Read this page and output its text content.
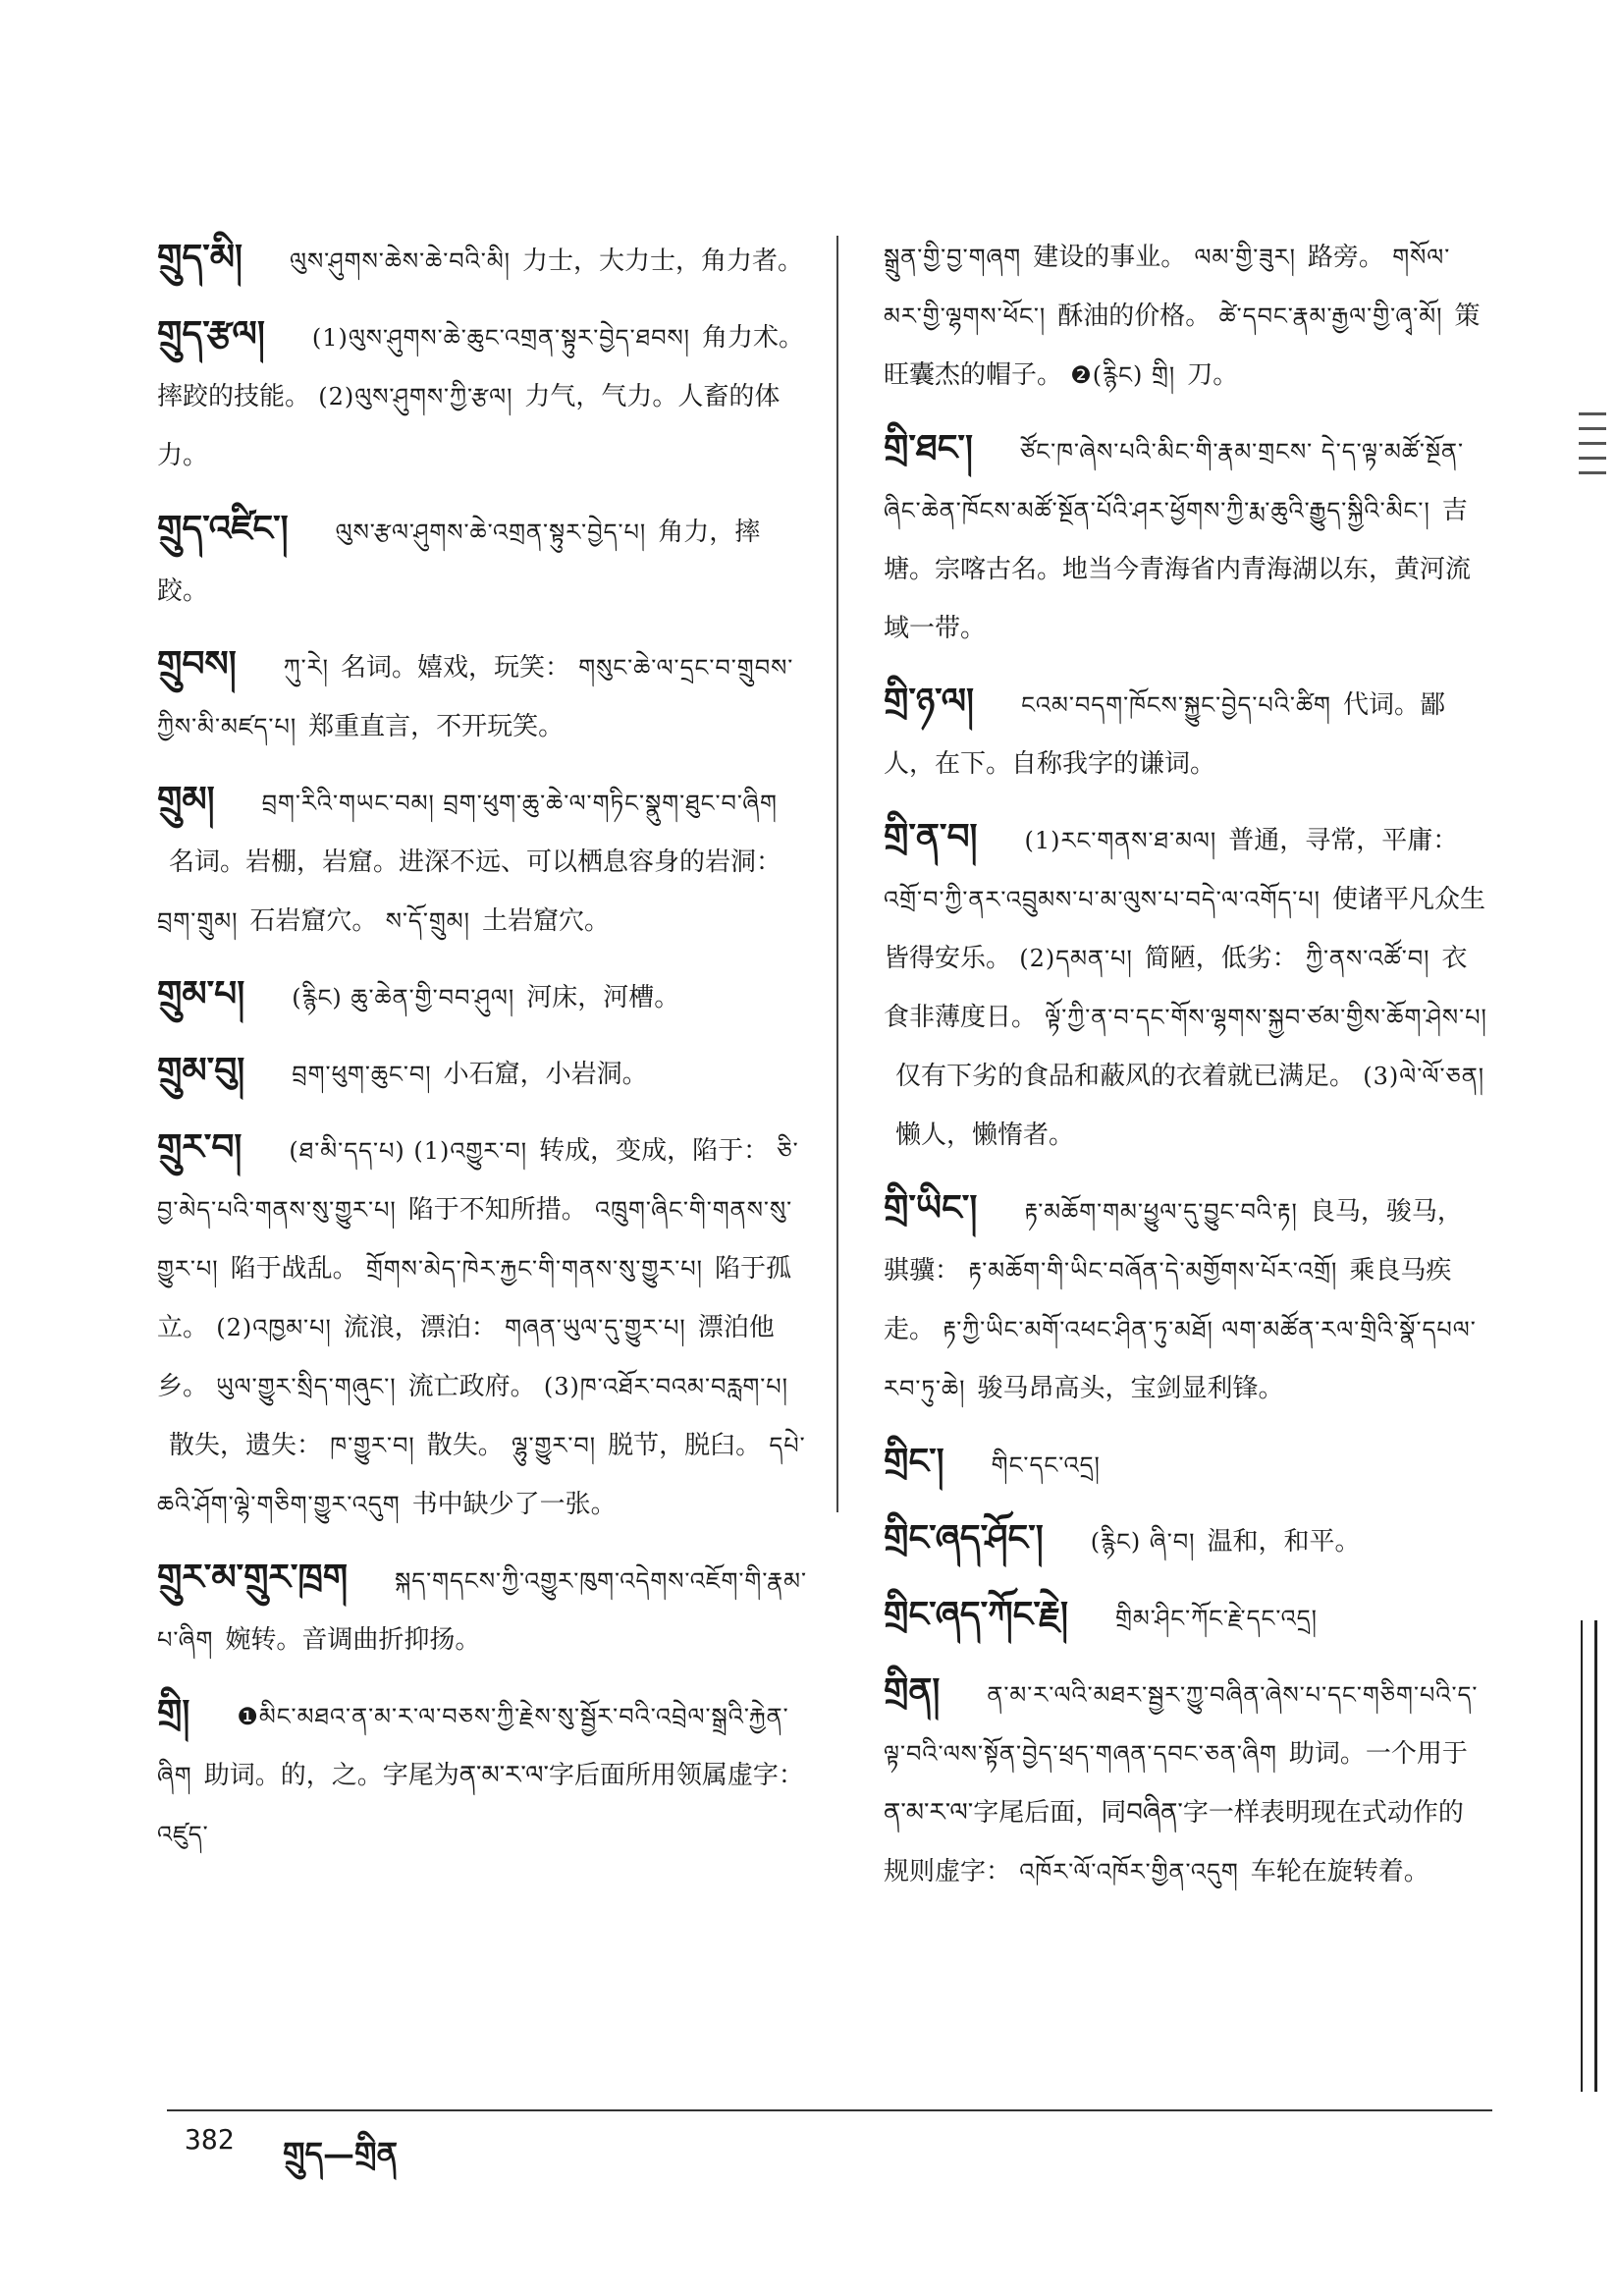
གྲུད་མི། ལུས་ཤུགས་ཆེས་ཆེ་བའི་མི། 力士，大力士，角力者。
གྲུད་རྩལ། (1)ལུས་ཤུགས་ཆེ་ཆུང་འགྲན་སྟུར་བྱེད་ཐབས། 角力术。摔跤的技能。 (2)ལུས་ཤུགས་ཀྱི་རྩལ། 力气，气力。人畜的体力。
གྲུད་འཛིང་། ལུས་རྩལ་ཤུགས་ཆེ་འགྲན་སྟུར་བྱེད་པ། 角力，摔跤。
གྲུབས། ཀུ་རེ། 名词。嬉戏，玩笑： གསུང་ཆེ་ལ་དྲང་བ་གྲུབས་ཀྱིས་མི་མཛད་པ། 郑重直言，不开玩笑。
གྲུམ། བྲག་རིའི་གཡང་བམ། བྲག་ཕུག་ཆུ་ཆེ་ལ་གཏིང་སྣུག་ཐུང་བ་ཞིག名词。岩棚，岩窟。进深不远、可以栖息容身的岩洞： བྲག་གྲུམ། 石岩窟穴。 ས་དོ་གྲུམ། 土岩窟穴。
གྲུམ་པ། (རྙིང) ཆུ་ཆེན་གྱི་བབ་ཤུལ། 河床，河槽。
གྲུམ་བུ། བྲག་ཕུག་ཆུང་བ། 小石窟，小岩洞。
གྲུར་བ། (ཐ་མི་དད་པ) (1)འགྱུར་བ། 转成，变成，陷于： ཅི་བྱ་མེད་པའི་གནས་སུ་གྱུར་པ། 陷于不知所措。 འཁྲུག་ཞིང་གི་གནས་སུ་གྱུར་པ། 陷于战乱。 གྲོགས་མེད་ཁེར་རྐྱང་གི་གནས་སུ་གྱུར་པ། 陷于孤立。 (2)འཁྱམ་པ། 流浪，漂泊： གཞན་ཡུལ་དུ་གྱུར་པ། 漂泊他乡。 ཡུལ་གྱུར་སྲིད་གཞུང་། 流亡政府。 (3)ཁ་འཐོར་བའམ་བརླག་པ།散失，遗失： ཁ་གྱུར་བ། 散失。 ལྷུ་གྱུར་བ། 脱节，脱臼。 དཔེ་ཆའི་ཤོག་ལྷེ་གཅིག་གྱུར་འདུག 书中缺少了一张。
གྲུར་མ་གྲུར་ཁྲག སྐད་གདངས་ཀྱི་འགྱུར་ཁུག་འདེགས་འཇོག་གི་རྣམ་པ་ཞིག 婉转。音调曲折抑扬。
གྲི། ❶མིང་མཐའ་ན་མ་ར་ལ་བཅས་ཀྱི་རྗེས་སུ་སྦྱོར་བའི་འབྲེལ་སྒྲའི་རྐྱེན་ཞིག 助词。的，之。字尾为ན་མ་ར་ལ་字后面所用领属虚字：འཛུད་
སྒྲུན་གྱི་བྱ་གཞག 建设的事业。 ལམ་གྱི་ཟུར། 路旁。 གསོལ་མར་གྱི་ལྷགས་ཕོང་། 酥油的价格。 ཚེ་དབང་རྣམ་རྒྱལ་གྱི་ཞྭ་མོ། 策旺囊杰的帽子。 ❷(རྙིང) གྲི། 刀。
གྲི་ཐང་། ཙོང་ཁ་ཞེས་པའི་མིང་གི་རྣམ་གྲངས་ དེ་ད་ལྟ་མཚོ་སྔོན་ཞིང་ཆེན་ཁོངས་མཚོ་སྔོན་པོའི་ཤར་ཕྱོགས་ཀྱི་རྨ་ཆུའི་རྒྱུད་སྐྱིའི་མིང་། 吉塘。宗喀古名。地当今青海省内青海湖以东，黄河流域一带。
གྲི་ཉ་ལ། ངའམ་བདག་ཁོངས་སྐྱུང་བྱེད་པའི་ཚིག 代词。鄙人，在下。自称我字的谦词。
གྲི་ན་བ། (1)རང་གནས་ཐ་མལ། 普通，寻常，平庸： འགྲོ་བ་ཀྱི་ནར་འབྲུམས་པ་མ་ལུས་པ་བདེ་ལ་འགོད་པ། 使诸平凡众生皆得安乐。 (2)དམན་པ། 简陋，低劣： ཀྱི་ནས་འཚོ་བ། 衣食非薄度日。 ལྟོ་ཀྱི་ན་བ་དང་གོས་ལྷགས་སྐྱབ་ཙམ་གྱིས་ཆོག་ཤེས་པ།仅有下劣的食品和蔽风的衣着就已满足。 (3)ལེ་ལོ་ཅན།懒人，懒惰者。
གྲི་ཡིང་། རྟ་མཆོག་གམ་ཕྱུལ་དུ་བྱུང་བའི་རྟ། 良马，骏马，骐骥： རྟ་མཆོག་གི་ཡིང་བཞོན་དེ་མགྱོགས་པོར་འགྲོ། 乘良马疾走。 རྟ་ཀྱི་ཡིང་མགོ་འཕང་ཤིན་ཏུ་མཐོ། ལག་མཚོན་རལ་གྲིའི་སྣོ་དཔལ་རབ་ཏུ་ཆེ། 骏马昂高头，宝剑显利锋。
གྲིང་། གིང་དང་འདྲ།
གྲིང་ཞད་ཤོང་། (རྙིང) ཞི་བ། 温和，和平。
གྲིང་ཞད་ཀོང་རྗེ། གྲིམ་ཤིང་ཀོང་རྗེ་དང་འདྲ།
གྲིན། ན་མ་ར་ལའི་མཐར་སྦྱར་ཀྱུ་བཞིན་ཞེས་པ་དང་གཅིག་པའི་ད་ལྟ་བའི་ལས་སྟོན་བྱེད་ཕྲད་གཞན་དབང་ཅན་ཞིག 助词。一个用于ན་མ་ར་ལ་字尾后面，同བཞིན་字一样表明现在式动作的规则虚字： འཁོར་ལོ་འཁོར་གྱིན་འདུག 车轮在旋转着。
382 གྲུད—གྲིན
